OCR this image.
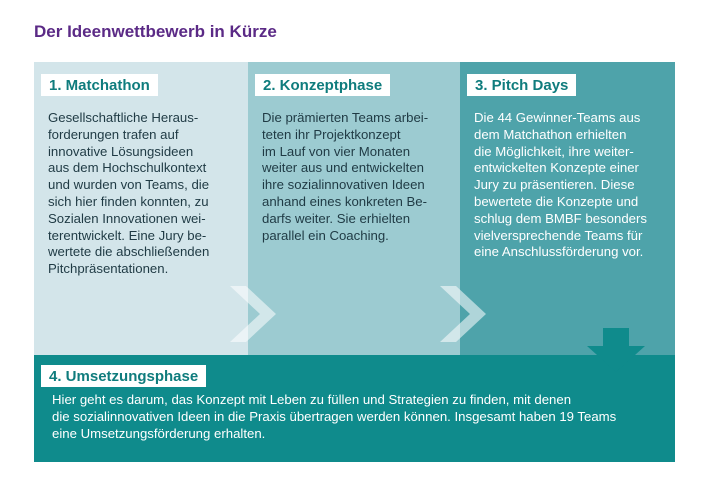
Der Ideenwettbewerb in Kürze
1. Matchathon
Gesellschaftliche Heraus-
forderungen trafen auf
innovative Lösungsideen
aus dem Hochschulkontext
und wurden von Teams, die
sich hier finden konnten, zu
Sozialen Innovationen wei-
terentwickelt. Eine Jury be-
wertete die abschließenden
Pitchpräsentationen.
2. Konzeptphase
Die prämierten Teams arbei-
teten ihr Projektkonzept
im Lauf von vier Monaten
weiter aus und entwickelten
ihre sozialinnovativen Ideen
anhand eines konkreten Be-
darfs weiter. Sie erhielten
parallel ein Coaching.
3. Pitch Days
Die 44 Gewinner-Teams aus
dem Matchathon erhielten
die Möglichkeit, ihre weiter-
entwickelten Konzepte einer
Jury zu präsentieren. Diese
bewertete die Konzepte und
schlug dem BMBF besonders
vielversprechende Teams für
eine Anschlussförderung vor.
4. Umsetzungsphase
Hier geht es darum, das Konzept mit Leben zu füllen und Strategien zu finden, mit denen
die sozialinnovativen Ideen in die Praxis übertragen werden können. Insgesamt haben 19 Teams
eine Umsetzungsförderung erhalten.
